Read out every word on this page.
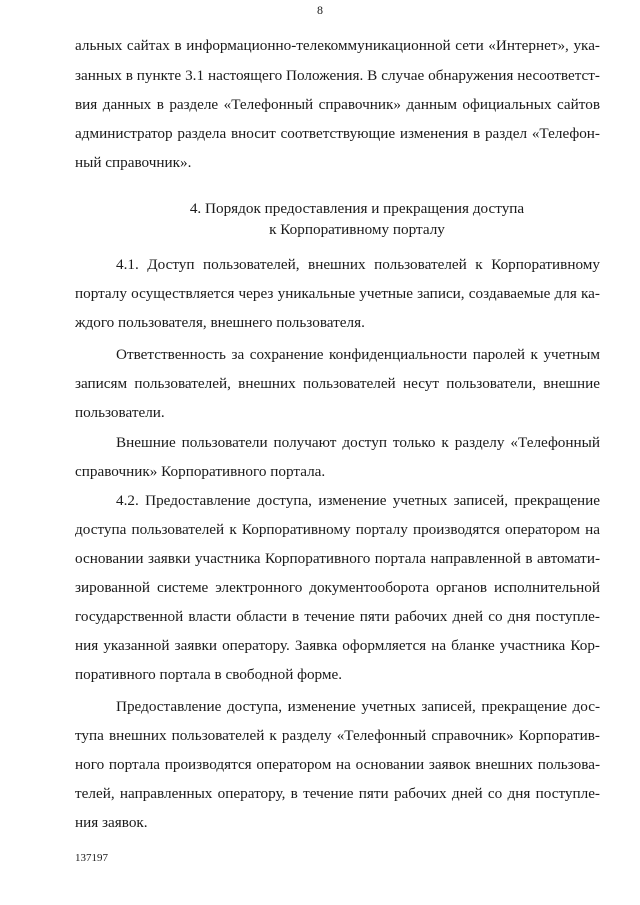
8
альных сайтах в информационно-телекоммуникационной сети «Интернет», ука-
занных в пункте 3.1 настоящего Положения. В случае обнаружения несоответст-
вия данных в разделе «Телефонный справочник» данным официальных сайтов
администратор раздела вносит соответствующие изменения в раздел «Телефон-
ный справочник».
4. Порядок предоставления и прекращения доступа
к Корпоративному порталу
4.1. Доступ пользователей, внешних пользователей к Корпоративному
порталу осуществляется через уникальные учетные записи, создаваемые для ка-
ждого пользователя, внешнего пользователя.
Ответственность за сохранение конфиденциальности паролей к учетным
записям пользователей, внешних пользователей несут пользователи, внешние
пользователи.
Внешние пользователи получают доступ только к разделу «Телефонный
справочник» Корпоративного портала.
4.2. Предоставление доступа, изменение учетных записей, прекращение
доступа пользователей к Корпоративному порталу производятся оператором на
основании заявки участника Корпоративного портала направленной в автомати-
зированной системе электронного документооборота органов исполнительной
государственной власти области в течение пяти рабочих дней со дня поступле-
ния указанной заявки оператору. Заявка оформляется на бланке участника Кор-
поративного портала в свободной форме.
Предоставление доступа, изменение учетных записей, прекращение дос-
тупа внешних пользователей к разделу «Телефонный справочник» Корпоратив-
ного портала производятся оператором на основании заявок внешних пользова-
телей, направленных оператору, в течение пяти рабочих дней со дня поступле-
ния заявок.
137197
